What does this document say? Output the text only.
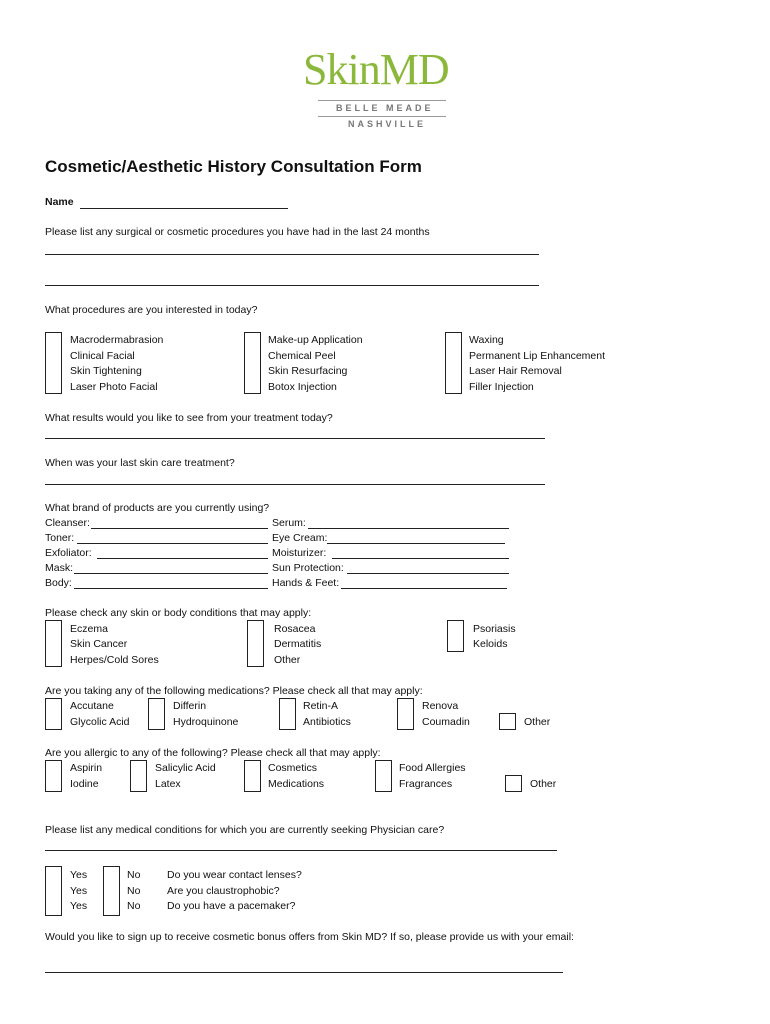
SkinMD
BELLE MEADE
NASHVILLE
Cosmetic/Aesthetic History Consultation Form
Name
Please list any surgical or cosmetic procedures you have had in the last 24 months
What procedures are you interested in today?
Macrodermabrasion
Clinical Facial
Skin Tightening
Laser Photo Facial
Make-up Application
Chemical Peel
Skin Resurfacing
Botox Injection
Waxing
Permanent Lip Enhancement
Laser Hair Removal
Filler Injection
What results would you like to see from your treatment today?
When was your last skin care treatment?
What brand of products are you currently using?
Cleanser:
Toner:
Exfoliator:
Mask:
Body:
Serum:
Eye Cream:
Moisturizer:
Sun Protection:
Hands & Feet:
Please check any skin or body conditions that may apply:
Eczema
Skin Cancer
Herpes/Cold Sores
Rosacea
Dermatitis
Other
Psoriasis
Keloids
Are you taking any of the following medications? Please check all that may apply:
Accutane
Glycolic Acid
Differin
Hydroquinone
Retin-A
Antibiotics
Renova
Coumadin	Other
Are you allergic to any of the following? Please check all that may apply:
Aspirin
Iodine
Salicylic Acid
Latex
Cosmetics
Medications
Food Allergies
Fragrances	Other
Please list any medical conditions for which you are currently seeking Physician care?
Yes
Yes
Yes
No
No
No
Do you wear contact lenses?
Are you claustrophobic?
Do you have a pacemaker?
Would you like to sign up to receive cosmetic bonus offers from Skin MD? If so, please provide us with your email:
